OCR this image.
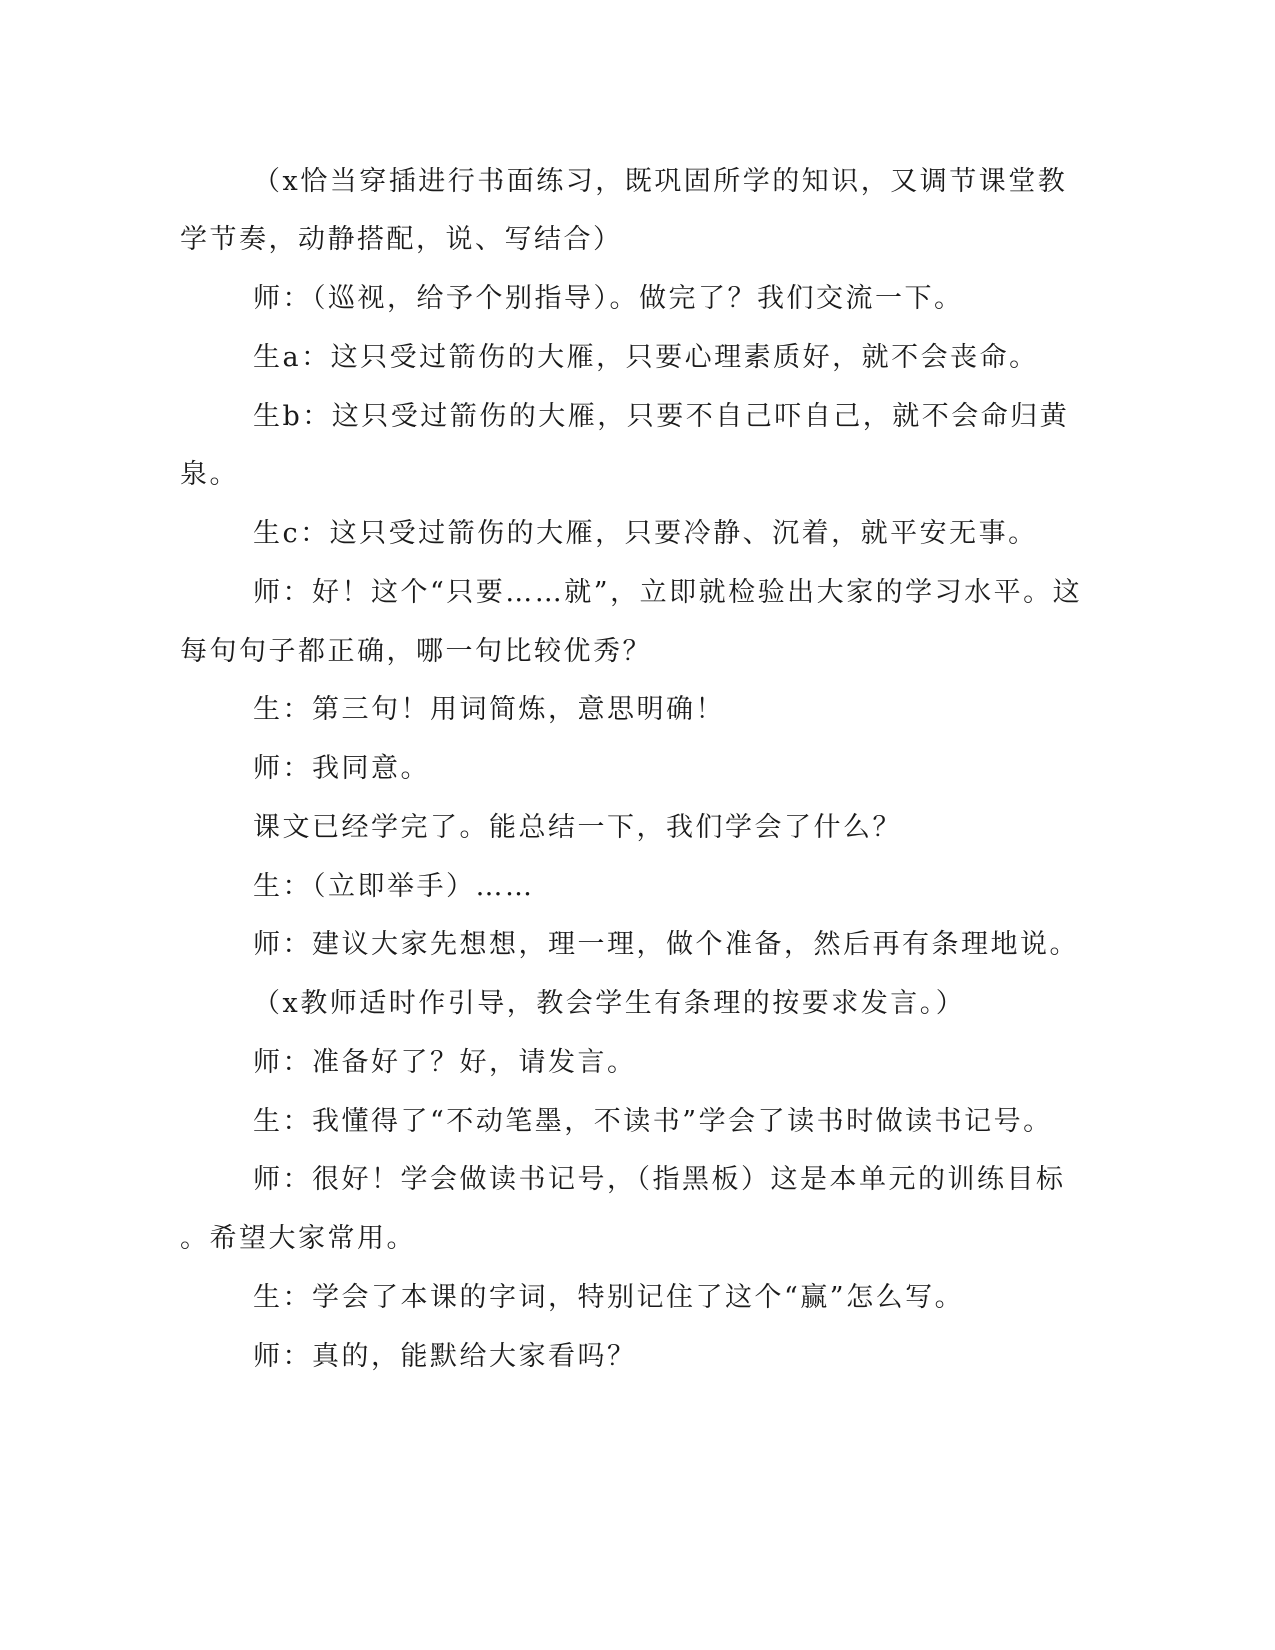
（x恰当穿插进行书面练习，既巩固所学的知识，又调节课堂教
学节奏，动静搭配，说、写结合）
师：（巡视，给予个别指导）。做完了？我们交流一下。
生a：这只受过箭伤的大雁，只要心理素质好，就不会丧命。
生b：这只受过箭伤的大雁，只要不自己吓自己，就不会命归黄
泉。
生c：这只受过箭伤的大雁，只要冷静、沉着，就平安无事。
师：好！这个“只要……就”，立即就检验出大家的学习水平。这
每句句子都正确，哪一句比较优秀？
生：第三句！用词简炼，意思明确！
师：我同意。
课文已经学完了。能总结一下，我们学会了什么？
生：（立即举手）……
师：建议大家先想想，理一理，做个准备，然后再有条理地说。
（x教师适时作引导，教会学生有条理的按要求发言。）
师：准备好了？好，请发言。
生：我懂得了“不动笔墨，不读书”学会了读书时做读书记号。
师：很好！学会做读书记号，（指黑板）这是本单元的训练目标
。希望大家常用。
生：学会了本课的字词，特别记住了这个“赢”怎么写。
师：真的，能默给大家看吗？
